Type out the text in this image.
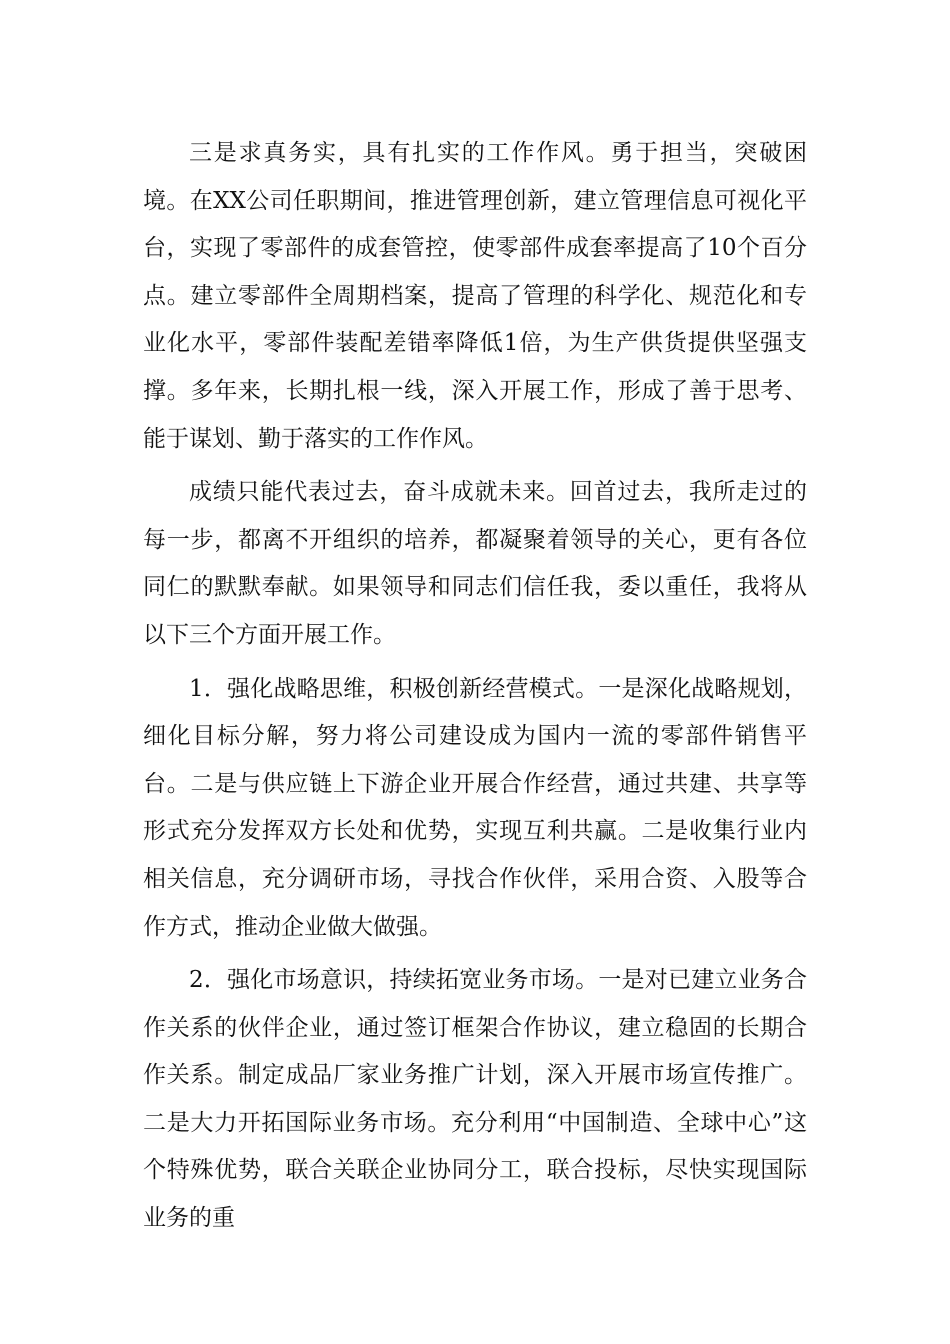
三是求真务实，具有扎实的工作作风。勇于担当，突破困境。在XX公司任职期间，推进管理创新，建立管理信息可视化平台，实现了零部件的成套管控，使零部件成套率提高了10个百分点。建立零部件全周期档案，提高了管理的科学化、规范化和专业化水平，零部件装配差错率降低1倍，为生产供货提供坚强支撑。多年来，长期扎根一线，深入开展工作，形成了善于思考、能于谋划、勤于落实的工作作风。

成绩只能代表过去，奋斗成就未来。回首过去，我所走过的每一步，都离不开组织的培养，都凝聚着领导的关心，更有各位同仁的默默奉献。如果领导和同志们信任我，委以重任，我将从以下三个方面开展工作。

1．强化战略思维，积极创新经营模式。一是深化战略规划，细化目标分解，努力将公司建设成为国内一流的零部件销售平台。二是与供应链上下游企业开展合作经营，通过共建、共享等形式充分发挥双方长处和优势，实现互利共赢。二是收集行业内相关信息，充分调研市场，寻找合作伙伴，采用合资、入股等合作方式，推动企业做大做强。

2．强化市场意识，持续拓宽业务市场。一是对已建立业务合作关系的伙伴企业，通过签订框架合作协议，建立稳固的长期合作关系。制定成品厂家业务推广计划，深入开展市场宣传推广。二是大力开拓国际业务市场。充分利用“中国制造、全球中心”这个特殊优势，联合关联企业协同分工，联合投标，尽快实现国际业务的重
